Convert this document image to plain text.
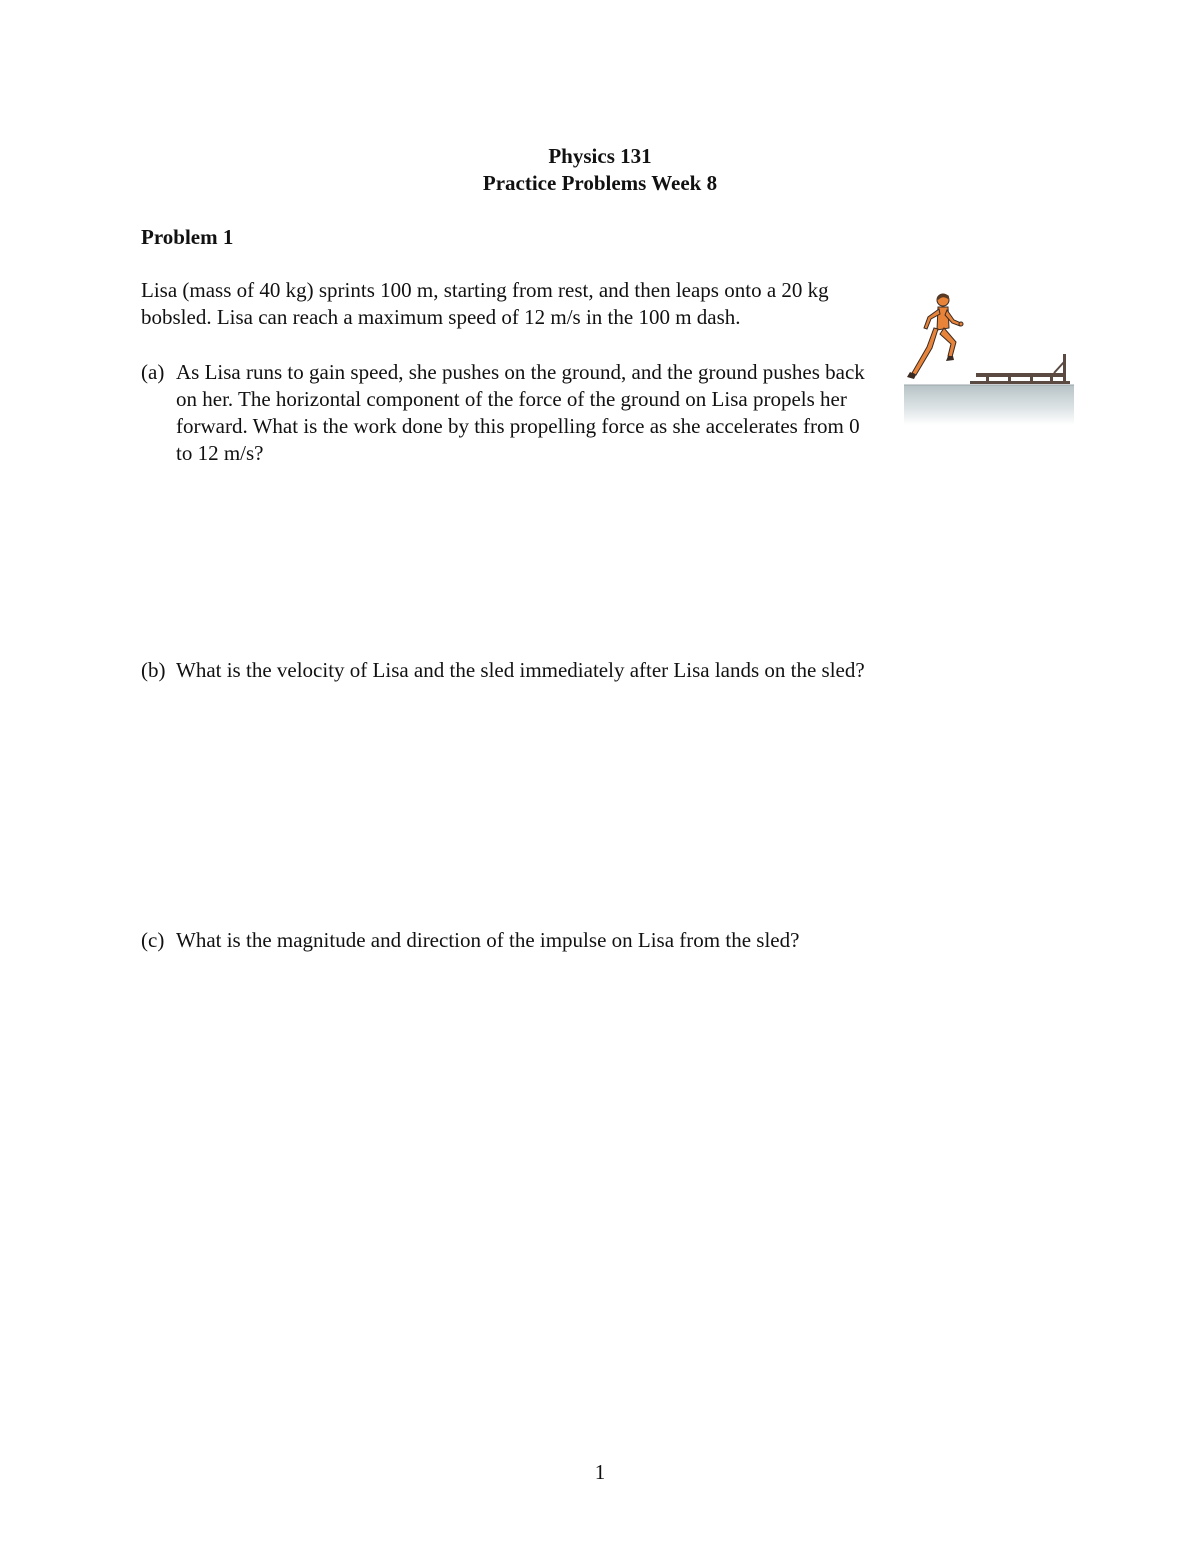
Physics 131
Practice Problems Week 8
Problem 1
Lisa (mass of 40 kg) sprints 100 m, starting from rest, and then leaps onto a 20 kg bobsled. Lisa can reach a maximum speed of 12 m/s in the 100 m dash.
(a) As Lisa runs to gain speed, she pushes on the ground, and the ground pushes back on her. The horizontal component of the force of the ground on Lisa propels her forward. What is the work done by this propelling force as she accelerates from 0 to 12 m/s?
(b) What is the velocity of Lisa and the sled immediately after Lisa lands on the sled?
(c) What is the magnitude and direction of the impulse on Lisa from the sled?
1
